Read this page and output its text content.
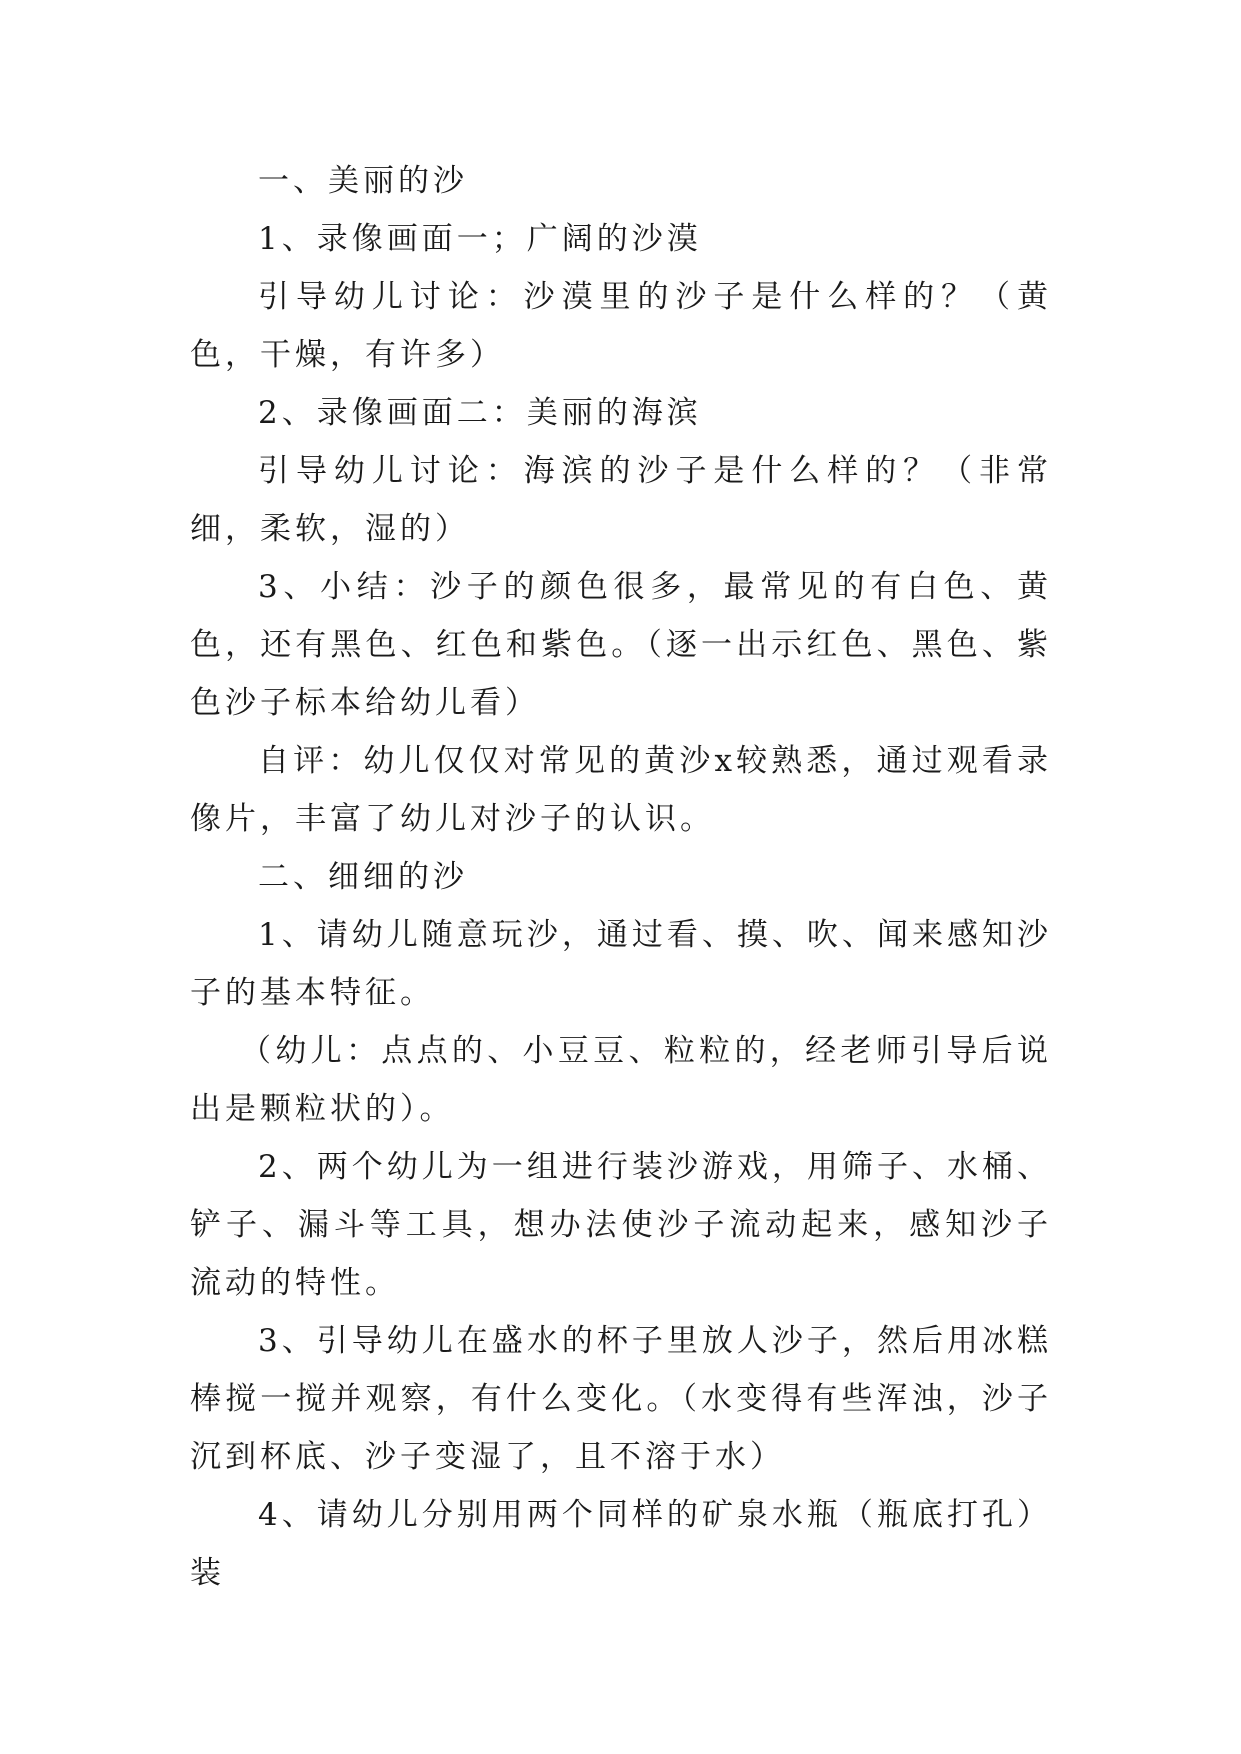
一、美丽的沙

1、录像画面一；广阔的沙漠

引导幼儿讨论：沙漠里的沙子是什么样的？（黄色，干燥，有许多）

2、录像画面二：美丽的海滨

引导幼儿讨论：海滨的沙子是什么样的？（非常细，柔软，湿的）

3、小结：沙子的颜色很多，最常见的有白色、黄色，还有黑色、红色和紫色。（逐一出示红色、黑色、紫色沙子标本给幼儿看）

自评：幼儿仅仅对常见的黄沙x较熟悉，通过观看录像片，丰富了幼儿对沙子的认识。

二、细细的沙

1、请幼儿随意玩沙，通过看、摸、吹、闻来感知沙子的基本特征。

（幼儿：点点的、小豆豆、粒粒的，经老师引导后说出是颗粒状的）。

2、两个幼儿为一组进行装沙游戏，用筛子、水桶、铲子、漏斗等工具，想办法使沙子流动起来，感知沙子流动的特性。

3、引导幼儿在盛水的杯子里放人沙子，然后用冰糕棒搅一搅并观察，有什么变化。（水变得有些浑浊，沙子沉到杯底、沙子变湿了，且不溶于水）

4、请幼儿分别用两个同样的矿泉水瓶（瓶底打孔）装
